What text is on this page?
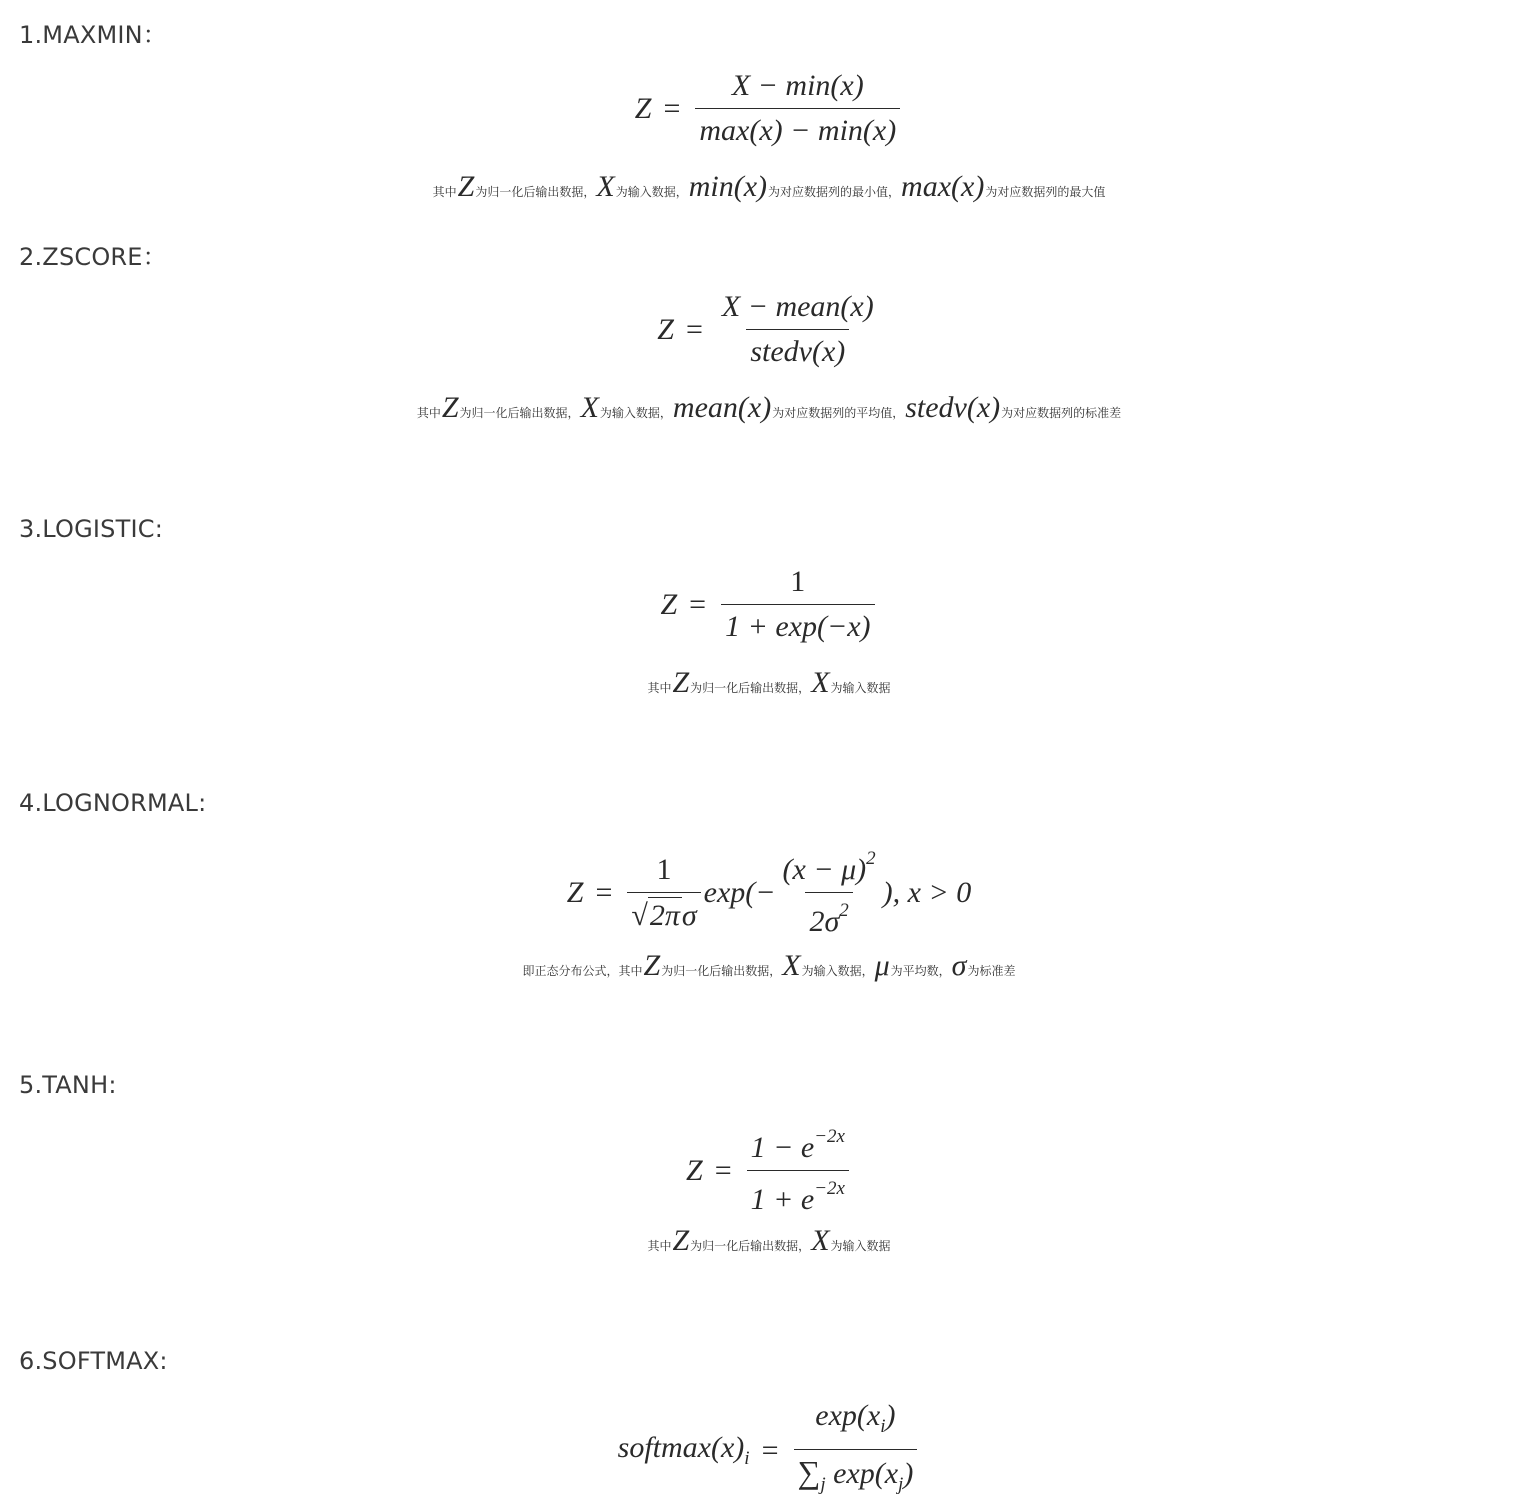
1.MAXMIN：
$Z = \frac{X - \min(x)}{\max(x) - \min(x)}$
其中 Z 为归一化后输出数据， X 为输入数据， min(x) 为对应数据列的最小值， max(x) 为对应数据列的最大值
2.ZSCORE：
$Z = \frac{\text{X − mean(x)}}{\text{stedv(x)}}$
其中 Z 为归一化后输出数据， X 为输入数据， mean(x) 为对应数据列的平均值， stedv(x) 为对应数据列的标准差
3.LOGISTIC:
$Z = \frac{1}{1 + \exp(-x)}$
其中 Z 为归一化后输出数据， X 为输入数据
4.LOGNORMAL:
$Z = \frac{1}{\text{√ 2π σ}} \exp(- \frac{(x - \mu)^2}{2\sigma^2}$ ), x > 0
即正态分布公式，其中 Z 为归一化后输出数据， X 为输入数据， μ 为平均数， σ 为标准差
5.TANH:
$Z = \frac{1 - e^{-2x}}{1 + e^{-2x}}$
其中 Z 为归一化后输出数据， X 为输入数据
6.SOFTMAX:
$softmax(x)_i = \frac{\exp(x_i)}{\sum_j \exp(x_j)}$
